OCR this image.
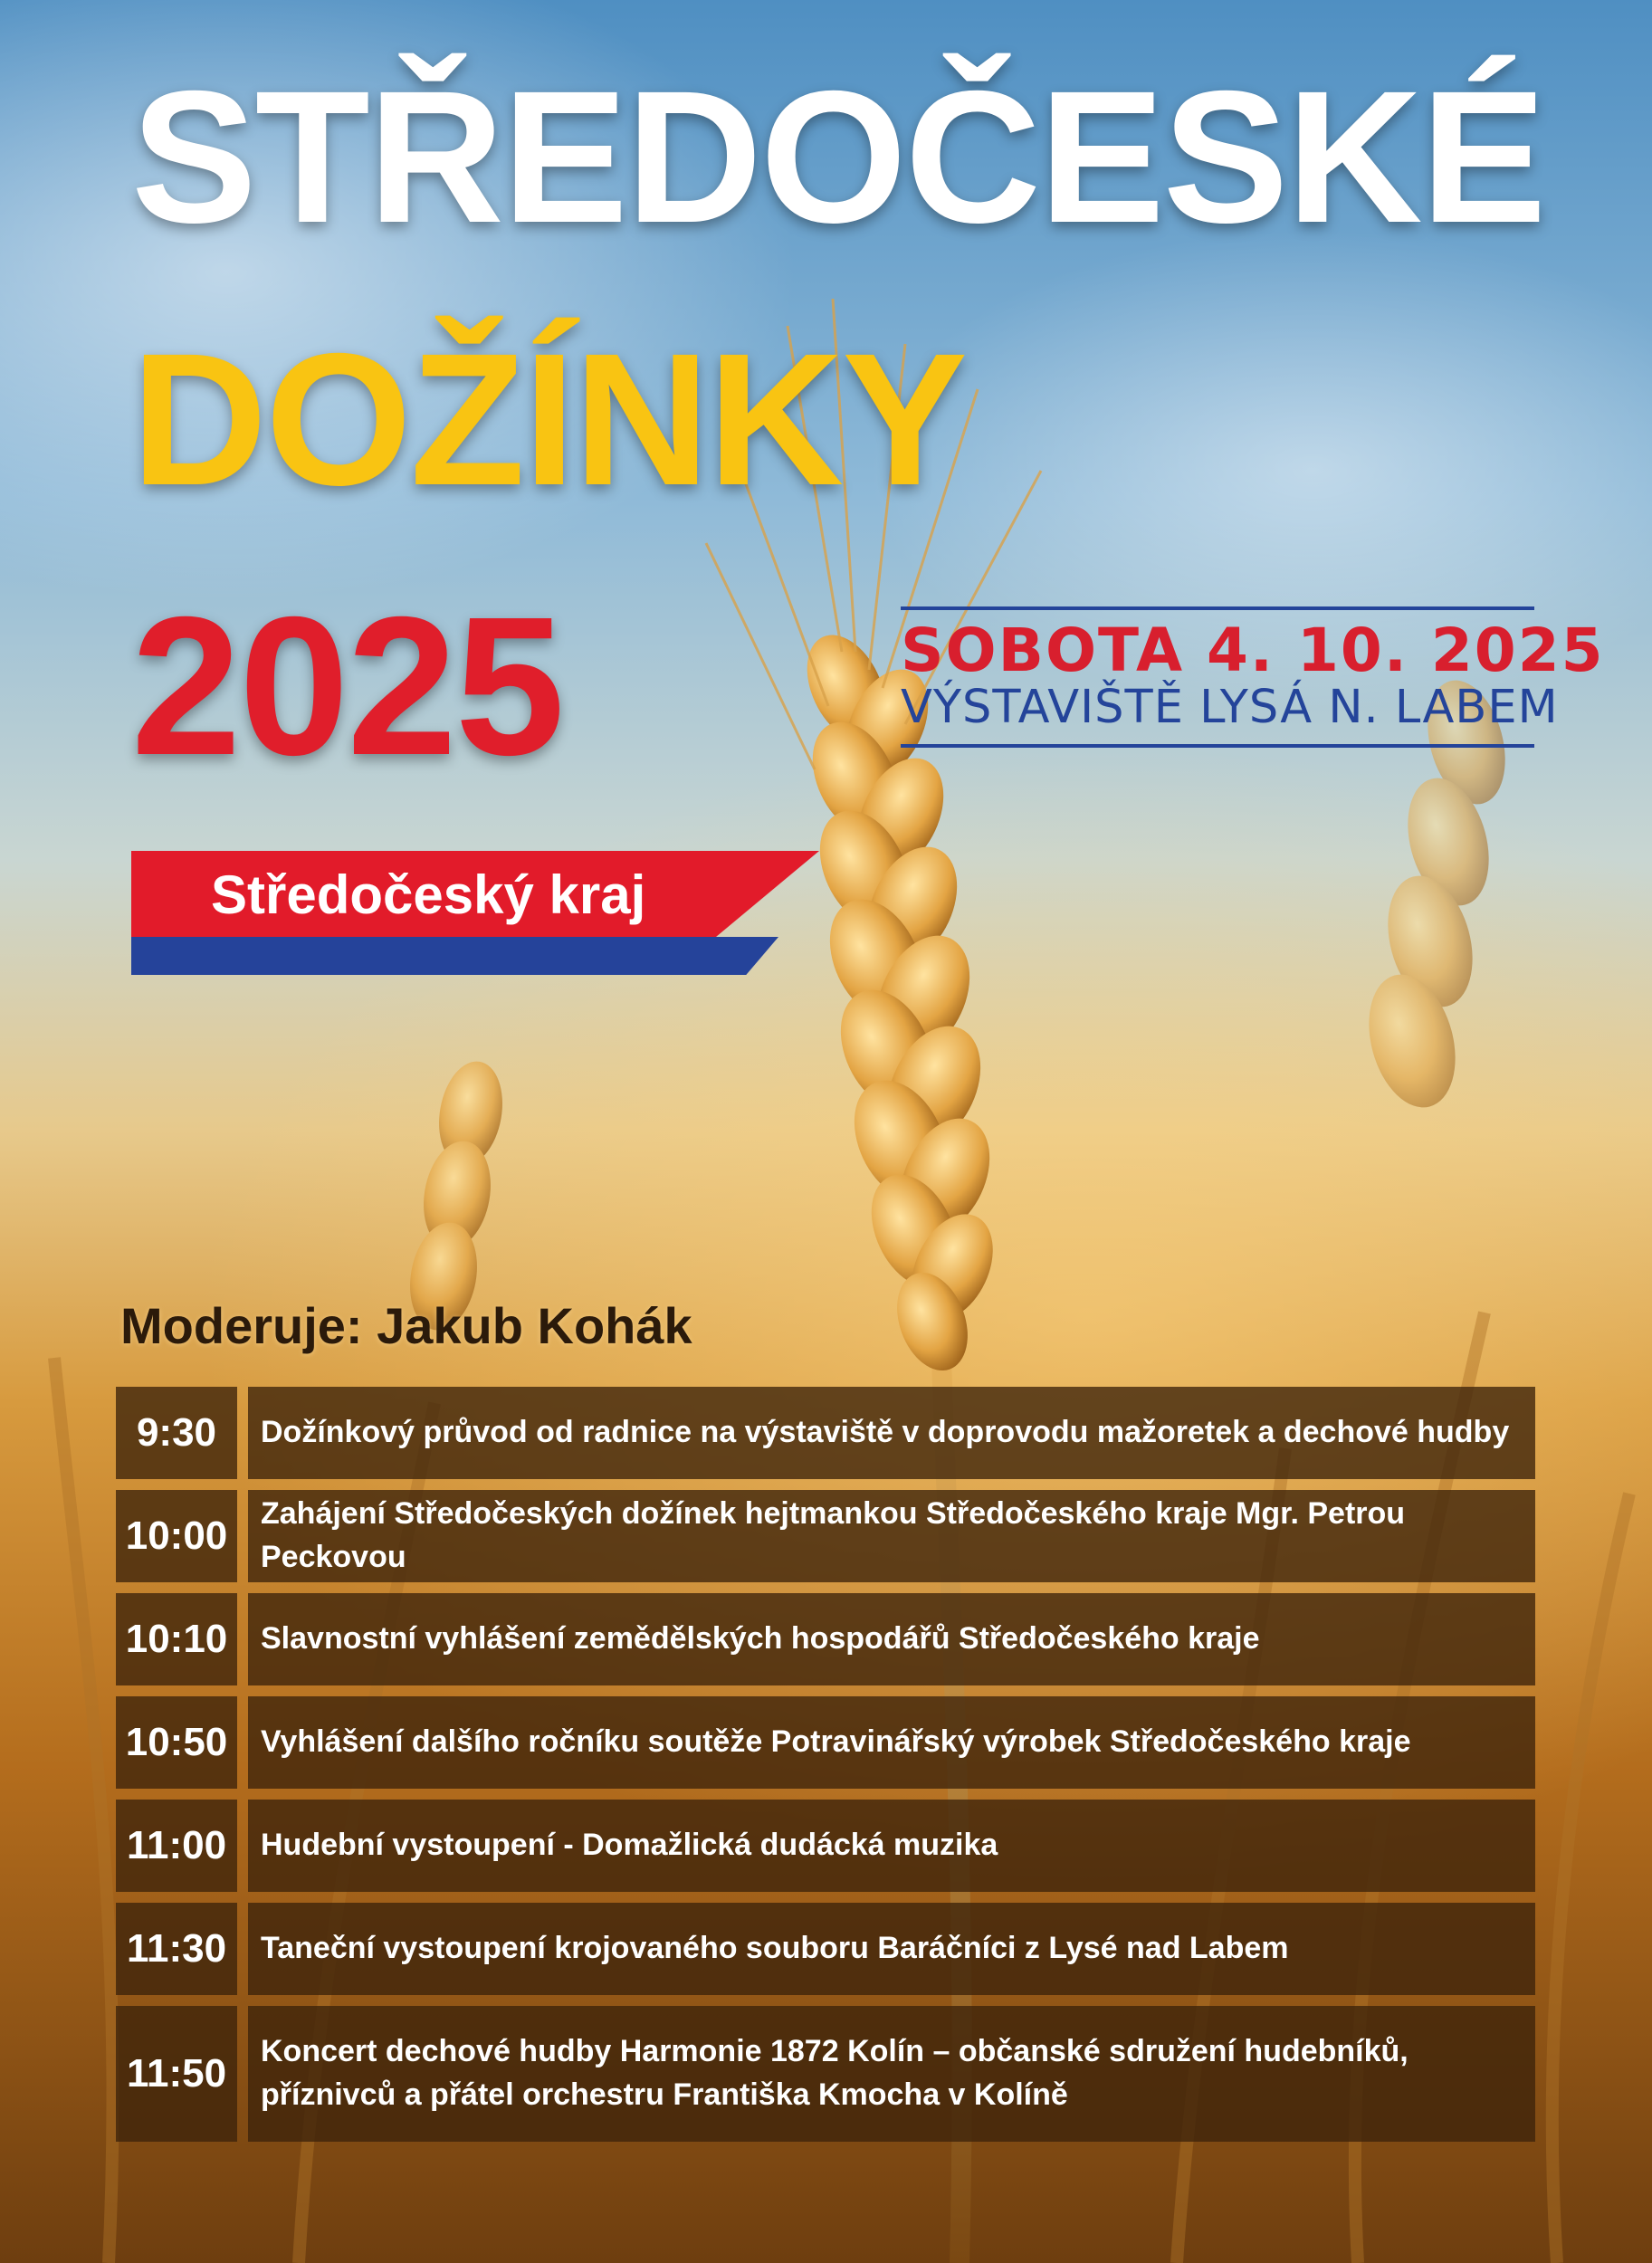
STŘEDOČESKÉ
DOŽÍNKY
2025	SOBOTA 4. 10. 2025
VÝSTAVIŠTĚ LYSÁ N. LABEM
Středočeský kraj
Moderuje: Jakub Kohák
9:30	Dožínkový průvod od radnice na výstaviště v doprovodu mažoretek a dechové hudby
10:00	Zahájení Středočeských dožínek hejtmankou Středočeského kraje Mgr. Petrou Peckovou
10:10	Slavnostní vyhlášení zemědělských hospodářů Středočeského kraje
10:50	Vyhlášení dalšího ročníku soutěže Potravinářský výrobek Středočeského kraje
11:00	Hudební vystoupení - Domažlická dudácká muzika
11:30	Taneční vystoupení krojovaného souboru Baráčníci z Lysé nad Labem
11:50	Koncert dechové hudby Harmonie 1872 Kolín – občanské sdružení hudebníků,
příznivců a přátel orchestru Františka Kmocha v Kolíně
